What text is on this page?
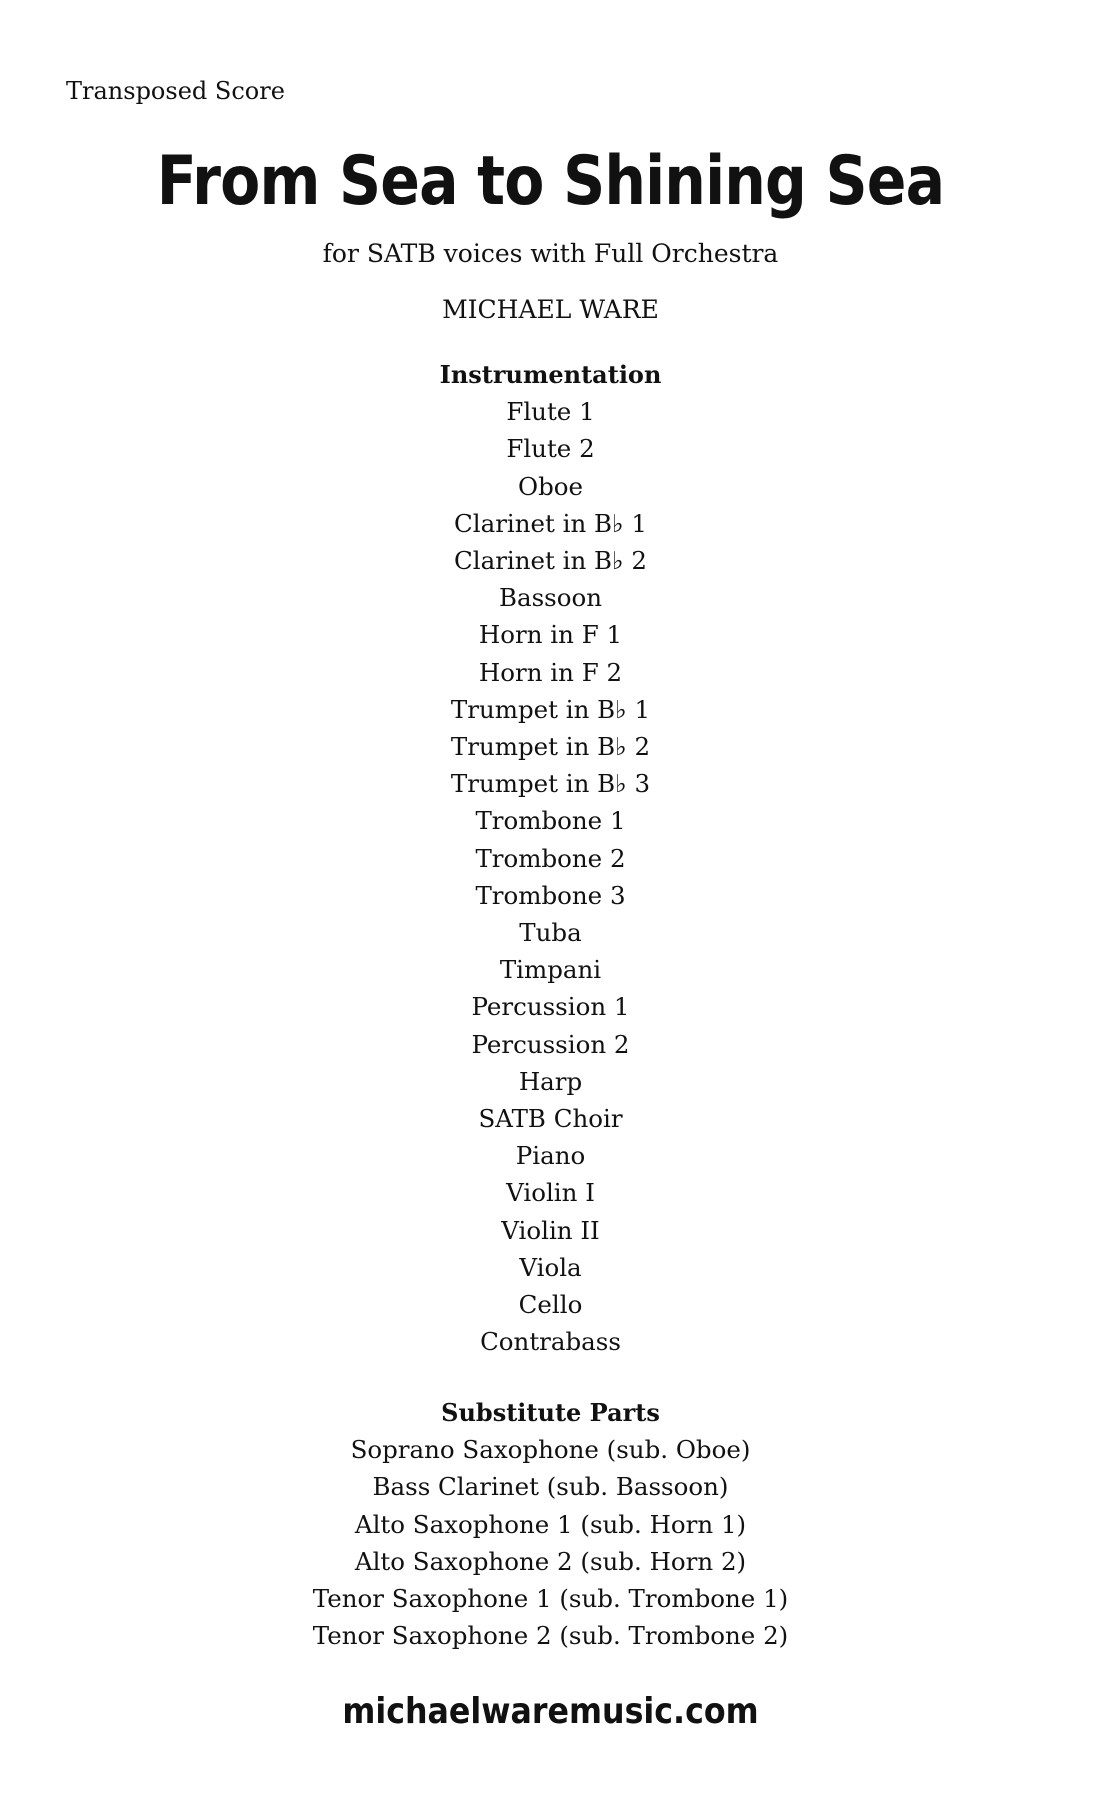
Transposed Score
From Sea to Shining Sea
for SATB voices with Full Orchestra
MICHAEL WARE
Instrumentation
Flute 1
Flute 2
Oboe
Clarinet in B♭ 1
Clarinet in B♭ 2
Bassoon
Horn in F 1
Horn in F 2
Trumpet in B♭ 1
Trumpet in B♭ 2
Trumpet in B♭ 3
Trombone 1
Trombone 2
Trombone 3
Tuba
Timpani
Percussion 1
Percussion 2
Harp
SATB Choir
Piano
Violin I
Violin II
Viola
Cello
Contrabass
Substitute Parts
Soprano Saxophone (sub. Oboe)
Bass Clarinet (sub. Bassoon)
Alto Saxophone 1 (sub. Horn 1)
Alto Saxophone 2 (sub. Horn 2)
Tenor Saxophone 1 (sub. Trombone 1)
Tenor Saxophone 2 (sub. Trombone 2)
michaelwaremusic.com
